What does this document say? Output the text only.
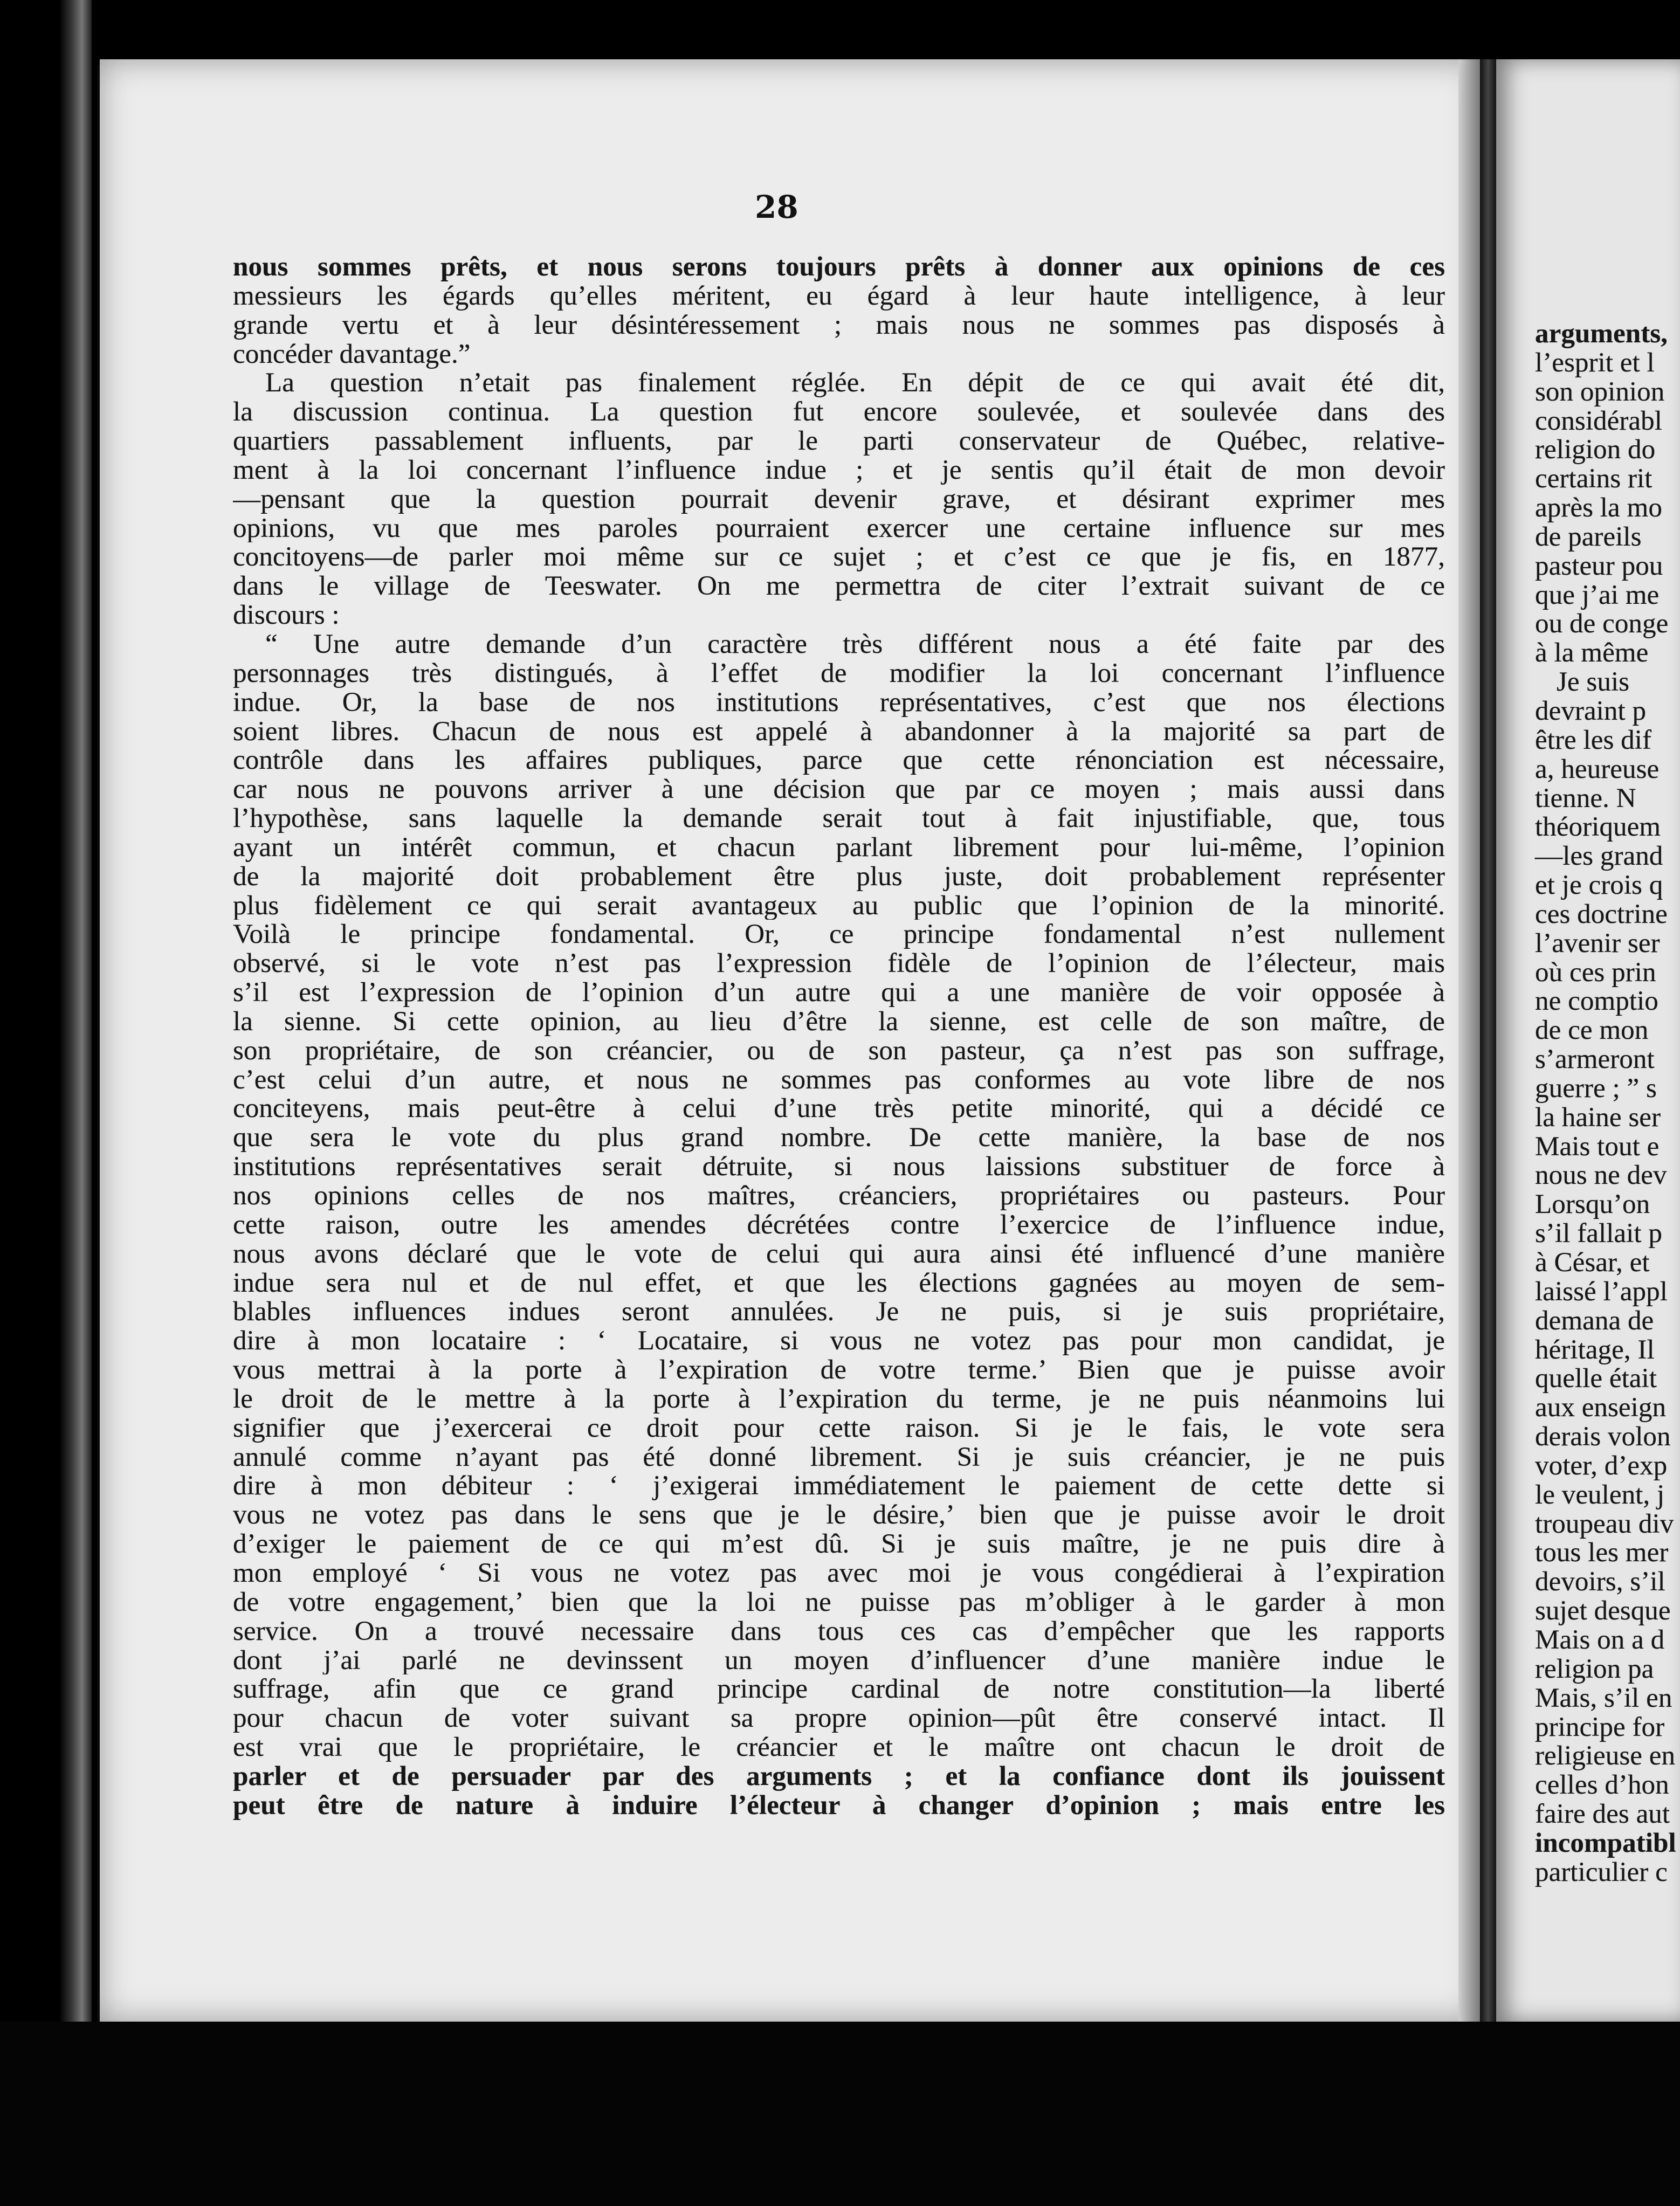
28
nous sommes prêts, et nous serons toujours prêts à donner aux opinions de ces
messieurs les égards qu’elles méritent, eu égard à leur haute intelligence, à leur
grande vertu et à leur désintéressement ; mais nous ne sommes pas disposés à
concéder davantage.”
La question n’etait pas finalement réglée. En dépit de ce qui avait été dit,
la discussion continua. La question fut encore soulevée, et soulevée dans des
quartiers passablement influents, par le parti conservateur de Québec, relative-
ment à la loi concernant l’influence indue ; et je sentis qu’il était de mon devoir
—pensant que la question pourrait devenir grave, et désirant exprimer mes
opinions, vu que mes paroles pourraient exercer une certaine influence sur mes
concitoyens—de parler moi même sur ce sujet ; et c’est ce que je fis, en 1877,
dans le village de Teeswater. On me permettra de citer l’extrait suivant de ce
discours :
“ Une autre demande d’un caractère très différent nous a été faite par des
personnages très distingués, à l’effet de modifier la loi concernant l’influence
indue. Or, la base de nos institutions représentatives, c’est que nos élections
soient libres. Chacun de nous est appelé à abandonner à la majorité sa part de
contrôle dans les affaires publiques, parce que cette rénonciation est nécessaire,
car nous ne pouvons arriver à une décision que par ce moyen ; mais aussi dans
l’hypothèse, sans laquelle la demande serait tout à fait injustifiable, que, tous
ayant un intérêt commun, et chacun parlant librement pour lui-même, l’opinion
de la majorité doit probablement être plus juste, doit probablement représenter
plus fidèlement ce qui serait avantageux au public que l’opinion de la minorité.
Voilà le principe fondamental. Or, ce principe fondamental n’est nullement
observé, si le vote n’est pas l’expression fidèle de l’opinion de l’électeur, mais
s’il est l’expression de l’opinion d’un autre qui a une manière de voir opposée à
la sienne. Si cette opinion, au lieu d’être la sienne, est celle de son maître, de
son propriétaire, de son créancier, ou de son pasteur, ça n’est pas son suffrage,
c’est celui d’un autre, et nous ne sommes pas conformes au vote libre de nos
conciteyens, mais peut-être à celui d’une très petite minorité, qui a décidé ce
que sera le vote du plus grand nombre. De cette manière, la base de nos
institutions représentatives serait détruite, si nous laissions substituer de force à
nos opinions celles de nos maîtres, créanciers, propriétaires ou pasteurs. Pour
cette raison, outre les amendes décrétées contre l’exercice de l’influence indue,
nous avons déclaré que le vote de celui qui aura ainsi été influencé d’une manière
indue sera nul et de nul effet, et que les élections gagnées au moyen de sem-
blables influences indues seront annulées. Je ne puis, si je suis propriétaire,
dire à mon locataire : ‘ Locataire, si vous ne votez pas pour mon candidat, je
vous mettrai à la porte à l’expiration de votre terme.’ Bien que je puisse avoir
le droit de le mettre à la porte à l’expiration du terme, je ne puis néanmoins lui
signifier que j’exercerai ce droit pour cette raison. Si je le fais, le vote sera
annulé comme n’ayant pas été donné librement. Si je suis créancier, je ne puis
dire à mon débiteur : ‘ j’exigerai immédiatement le paiement de cette dette si
vous ne votez pas dans le sens que je le désire,’ bien que je puisse avoir le droit
d’exiger le paiement de ce qui m’est dû. Si je suis maître, je ne puis dire à
mon employé ‘ Si vous ne votez pas avec moi je vous congédierai à l’expiration
de votre engagement,’ bien que la loi ne puisse pas m’obliger à le garder à mon
service. On a trouvé necessaire dans tous ces cas d’empêcher que les rapports
dont j’ai parlé ne devinssent un moyen d’influencer d’une manière indue le
suffrage, afin que ce grand principe cardinal de notre constitution—la liberté
pour chacun de voter suivant sa propre opinion—pût être conservé intact. Il
est vrai que le propriétaire, le créancier et le maître ont chacun le droit de
parler et de persuader par des arguments ; et la confiance dont ils jouissent
peut être de nature à induire l’électeur à changer d’opinion ; mais entre les
arguments,
l’esprit et l
son opinion
considérabl
religion do
certains rit
après la mo
de pareils
pasteur pou
que j’ai me
ou de conge
à la même
Je suis
devraint p
être les dif
a, heureuse
tienne. N
théoriquem
—les grand
et je crois q
ces doctrine
l’avenir ser
où ces prin
ne comptio
de ce mon
s’armeront
guerre ; ” s
la haine ser
Mais tout e
nous ne dev
Lorsqu’on
s’il fallait p
à César, et
laissé l’appl
demana de
héritage, Il
quelle était
aux enseign
derais volon
voter, d’exp
le veulent, j
troupeau div
tous les mer
devoirs, s’il
sujet desque
Mais on a d
religion pa
Mais, s’il en
principe for
religieuse en
celles d’hon
faire des aut
incompatibl
particulier c
